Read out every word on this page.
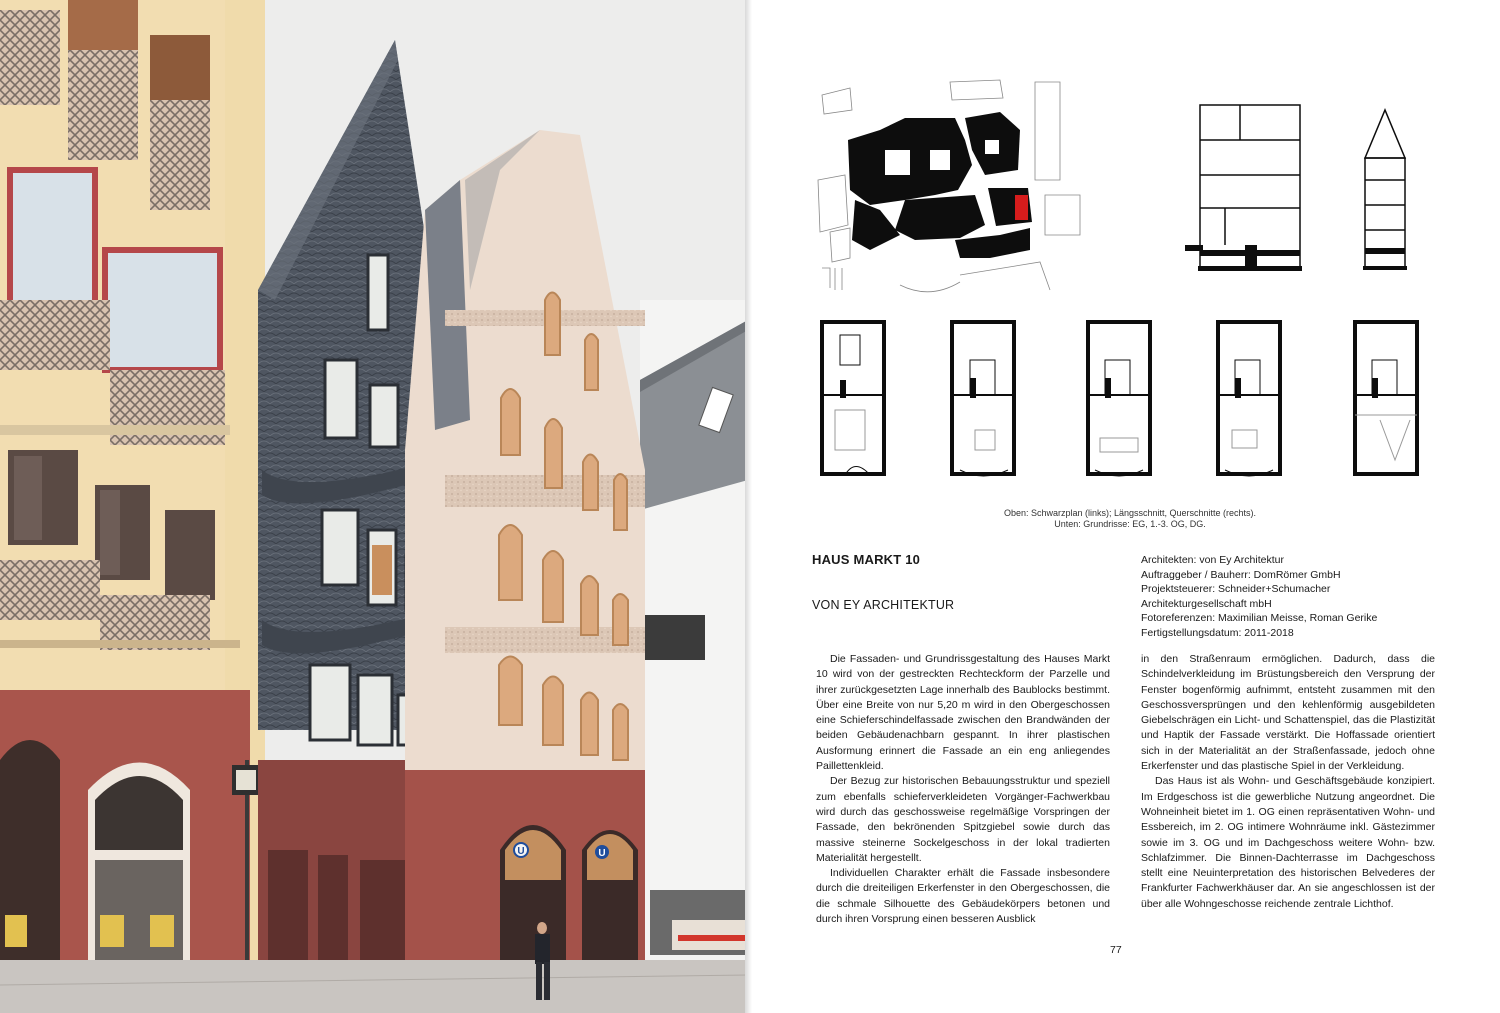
U	U
Oben: Schwarzplan (links); Längsschnitt, Querschnitte (rechts).
Unten: Grundrisse: EG, 1.-3. OG, DG.
HAUS MARKT 10
VON EY ARCHITEKTUR
Architekten: von Ey Architektur
Auftraggeber / Bauherr: DomRömer GmbH
Projektsteuerer: Schneider+Schumacher
Architekturgesellschaft mbH
Fotoreferenzen: Maximilian Meisse, Roman Gerike
Fertigstellungsdatum: 2011-2018

Die Fassaden- und Grundrissgestaltung des Hauses Markt 10 wird von der gestreckten Rechteckform der Parzelle und ihrer zurückgesetzten Lage innerhalb des Baublocks bestimmt. Über eine Breite von nur 5,20 m wird in den Obergeschossen eine Schieferschindelfassade zwischen den Brandwänden der beiden Gebäudenachbarn gespannt. In ihrer plastischen Ausformung erinnert die Fassade an ein eng anliegendes Paillettenkleid.

Der Bezug zur historischen Bebauungsstruktur und speziell zum ebenfalls schieferverkleideten Vorgänger-Fachwerkbau wird durch das geschossweise regelmäßige Vorspringen der Fassade, den bekrönenden Spitzgiebel sowie durch das massive steinerne Sockelgeschoss in der lokal tradierten Materialität hergestellt.

Individuellen Charakter erhält die Fassade insbesondere durch die dreiteiligen Erkerfenster in den Obergeschossen, die die schmale Silhouette des Gebäudekörpers betonen und durch ihren Vorsprung einen besseren Ausblick

in den Straßenraum ermöglichen. Dadurch, dass die Schindelverkleidung im Brüstungsbereich den Versprung der Fenster bogenförmig aufnimmt, entsteht zusammen mit den Geschossversprüngen und den kehlenförmig ausgebildeten Giebelschrägen ein Licht- und Schattenspiel, das die Plastizität und Haptik der Fassade verstärkt. Die Hoffassade orientiert sich in der Materialität an der Straßenfassade, jedoch ohne Erkerfenster und das plastische Spiel in der Verkleidung.

Das Haus ist als Wohn- und Geschäftsgebäude konzipiert. Im Erdgeschoss ist die gewerbliche Nutzung angeordnet. Die Wohneinheit bietet im 1. OG einen repräsentativen Wohn- und Essbereich, im 2. OG intimere Wohnräume inkl. Gästezimmer sowie im 3. OG und im Dachgeschoss weitere Wohn- bzw. Schlafzimmer. Die Binnen-Dachterrasse im Dachgeschoss stellt eine Neuinterpretation des historischen Belvederes der Frankfurter Fachwerkhäuser dar. An sie angeschlossen ist der über alle Wohngeschosse reichende zentrale Lichthof.

77
